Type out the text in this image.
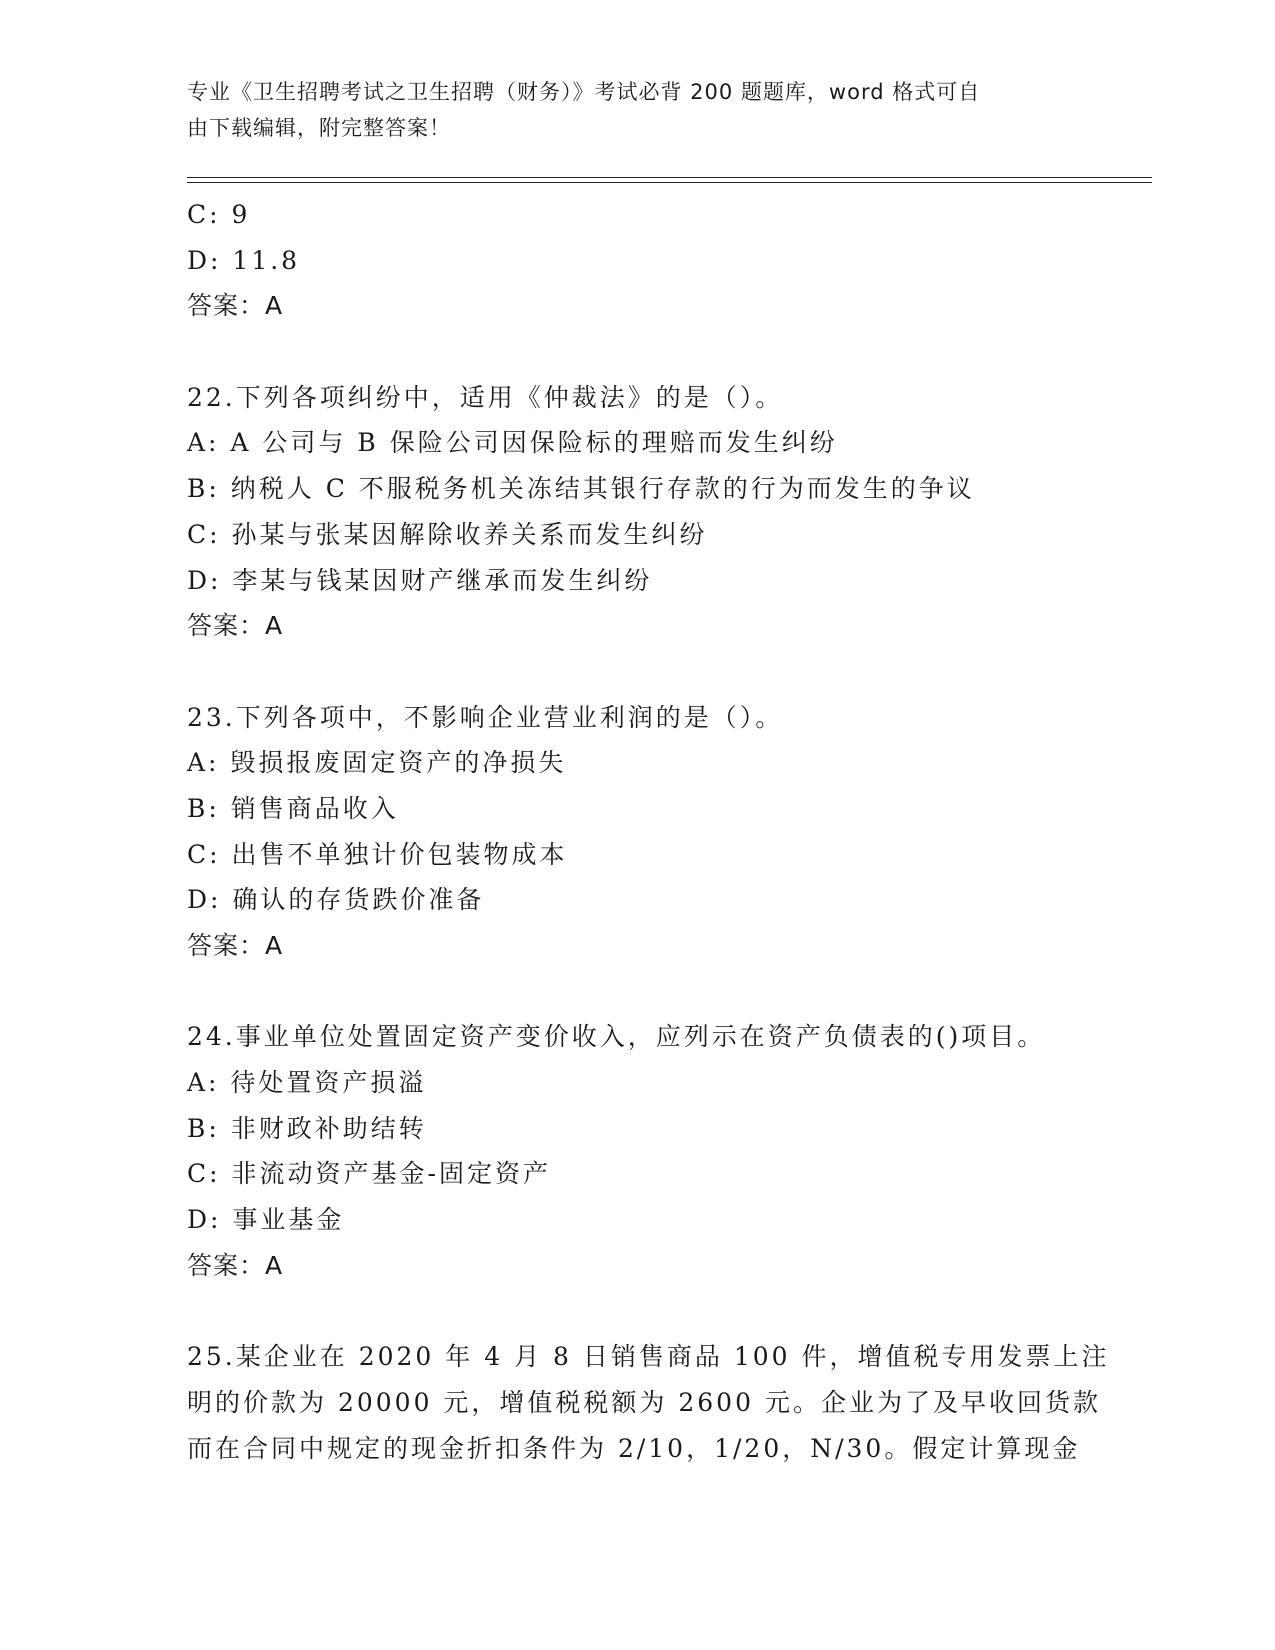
专业《卫生招聘考试之卫生招聘（财务）》考试必背 200 题题库，word 格式可自
由下载编辑，附完整答案！
C: 9
D: 11.8
答案：A
22.下列各项纠纷中，适用《仲裁法》的是（）。
A: A 公司与 B 保险公司因保险标的理赔而发生纠纷
B: 纳税人 C 不服税务机关冻结其银行存款的行为而发生的争议
C: 孙某与张某因解除收养关系而发生纠纷
D: 李某与钱某因财产继承而发生纠纷
答案：A
23.下列各项中，不影响企业营业利润的是（）。
A: 毁损报废固定资产的净损失
B: 销售商品收入
C: 出售不单独计价包装物成本
D: 确认的存货跌价准备
答案：A
24.事业单位处置固定资产变价收入，应列示在资产负债表的()项目。
A: 待处置资产损溢
B: 非财政补助结转
C: 非流动资产基金-固定资产
D: 事业基金
答案：A
25.某企业在 2020 年 4 月 8 日销售商品 100 件，增值税专用发票上注
明的价款为 20000 元，增值税税额为 2600 元。企业为了及早收回货款
而在合同中规定的现金折扣条件为 2/10，1/20，N/30。假定计算现金
